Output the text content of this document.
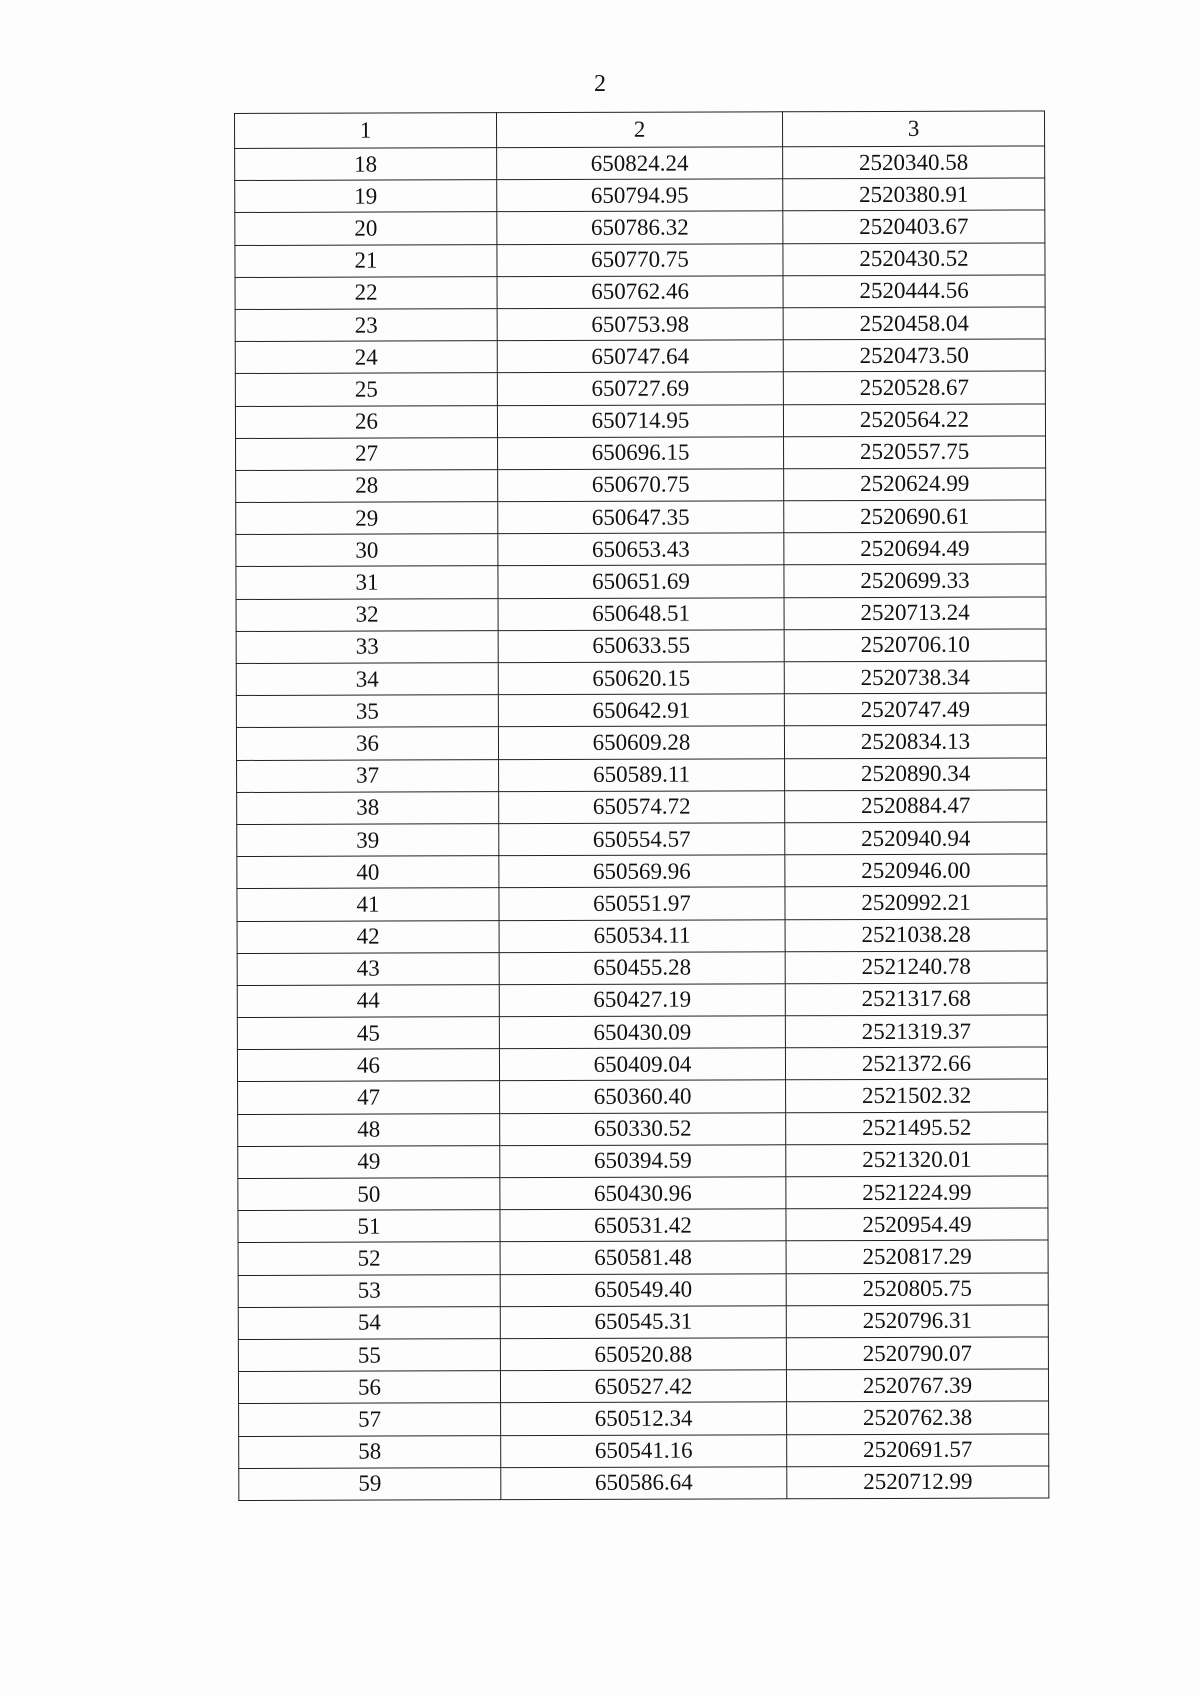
2
1	2	3
18	650824.24	2520340.58
19	650794.95	2520380.91
20	650786.32	2520403.67
21	650770.75	2520430.52
22	650762.46	2520444.56
23	650753.98	2520458.04
24	650747.64	2520473.50
25	650727.69	2520528.67
26	650714.95	2520564.22
27	650696.15	2520557.75
28	650670.75	2520624.99
29	650647.35	2520690.61
30	650653.43	2520694.49
31	650651.69	2520699.33
32	650648.51	2520713.24
33	650633.55	2520706.10
34	650620.15	2520738.34
35	650642.91	2520747.49
36	650609.28	2520834.13
37	650589.11	2520890.34
38	650574.72	2520884.47
39	650554.57	2520940.94
40	650569.96	2520946.00
41	650551.97	2520992.21
42	650534.11	2521038.28
43	650455.28	2521240.78
44	650427.19	2521317.68
45	650430.09	2521319.37
46	650409.04	2521372.66
47	650360.40	2521502.32
48	650330.52	2521495.52
49	650394.59	2521320.01
50	650430.96	2521224.99
51	650531.42	2520954.49
52	650581.48	2520817.29
53	650549.40	2520805.75
54	650545.31	2520796.31
55	650520.88	2520790.07
56	650527.42	2520767.39
57	650512.34	2520762.38
58	650541.16	2520691.57
59	650586.64	2520712.99
